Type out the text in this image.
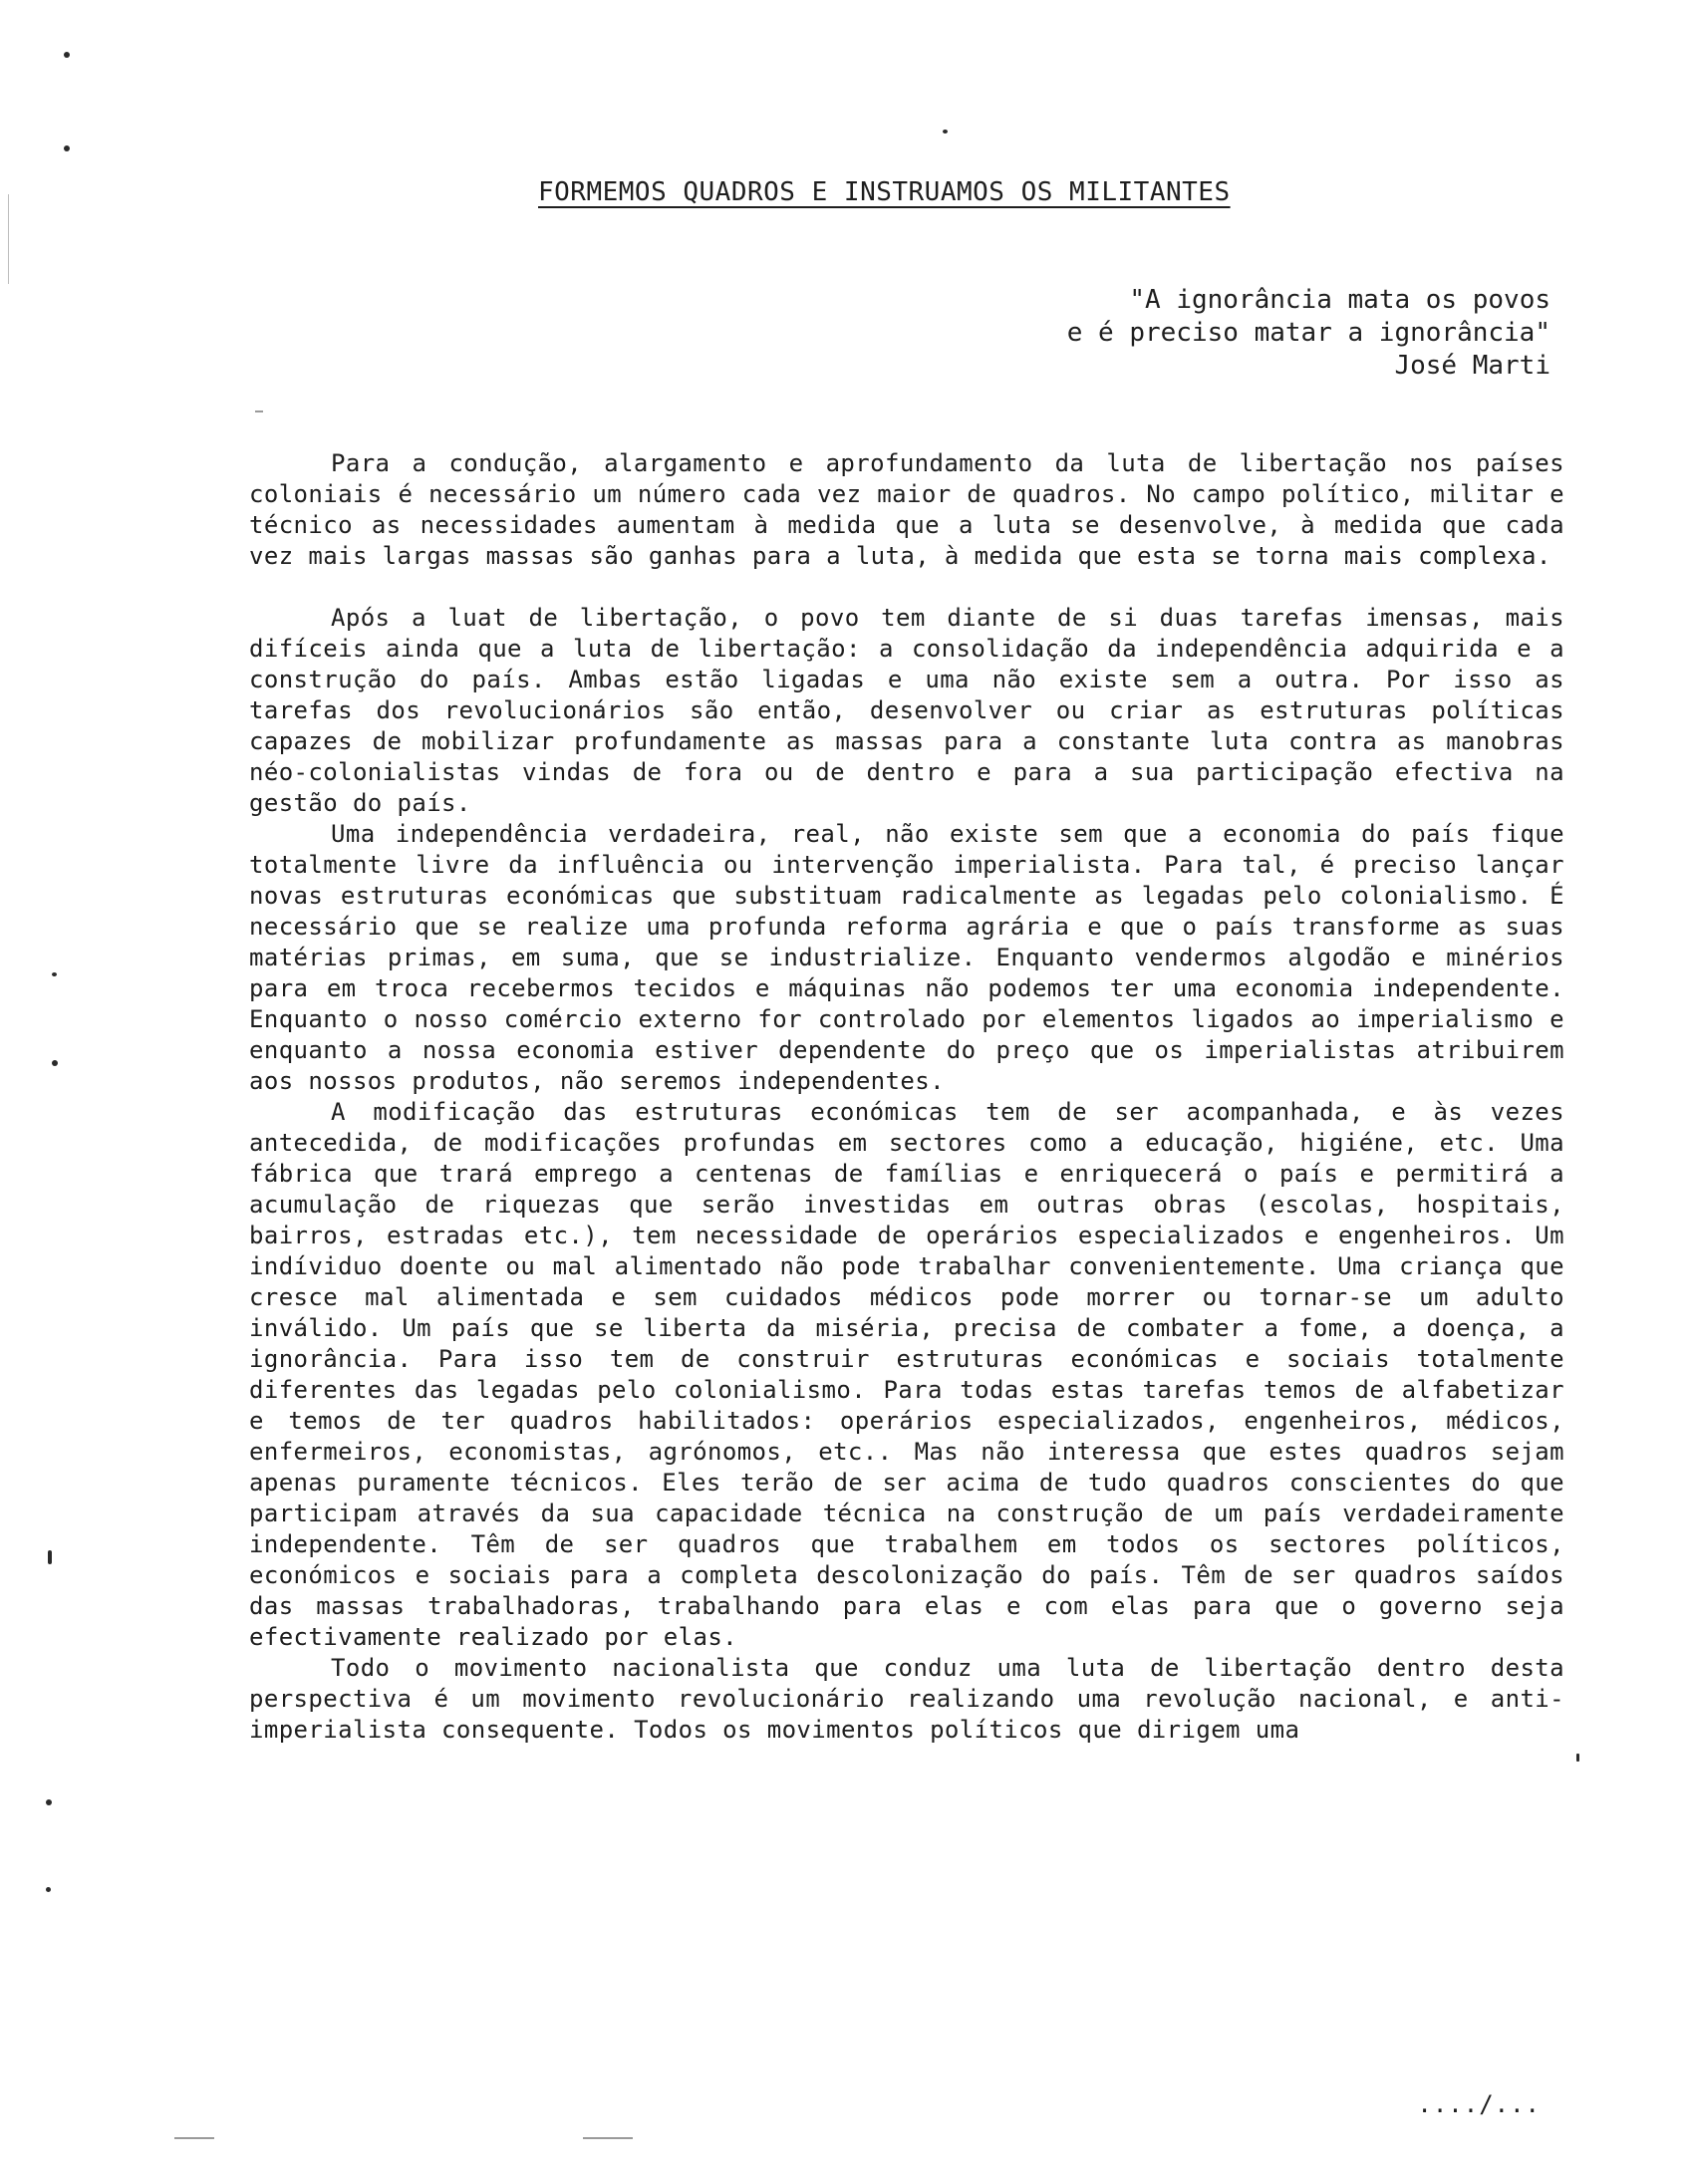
FORMEMOS QUADROS E INSTRUAMOS OS MILITANTES
"A ignorância mata os povos
e é preciso matar a ignorância"
José Marti

Para a condução, alargamento e aprofundamento da luta de libertação nos países coloniais é necessário um número cada vez maior de quadros. No campo político, militar e técnico as necessidades aumentam à medida que a luta se desenvolve, à medida que cada vez mais largas massas são ganhas para a luta, à medida que esta se torna mais complexa.

Após a luat de libertação, o povo tem diante de si duas tarefas imensas, mais difíceis ainda que a luta de libertação: a consolidação da independência adquirida e a construção do país. Ambas estão ligadas e uma não existe sem a outra. Por isso as tarefas dos revolucionários são então, desenvolver ou criar as estruturas políticas capazes de mobilizar profundamente as massas para a constante luta contra as manobras néo-colonialistas vindas de fora ou de dentro e para a sua participação efectiva na gestão do país.

Uma independência verdadeira, real, não existe sem que a economia do país fique totalmente livre da influência ou intervenção imperialista. Para tal, é preciso lançar novas estruturas económicas que substituam radicalmente as legadas pelo colonialismo. É necessário que se realize uma profunda reforma agrária e que o país transforme as suas matérias primas, em suma, que se industrialize. Enquanto vendermos algodão e minérios para em troca recebermos tecidos e máquinas não podemos ter uma economia independente. Enquanto o nosso comércio externo for controlado por elementos ligados ao imperialismo e enquanto a nossa economia estiver dependente do preço que os imperialistas atribuirem aos nossos produtos, não seremos independentes.

A modificação das estruturas económicas tem de ser acompanhada, e às vezes antecedida, de modificações profundas em sectores como a educação, higiéne, etc. Uma fábrica que trará emprego a centenas de famílias e enriquecerá o país e permitirá a acumulação de riquezas que serão investidas em outras obras (escolas, hospitais, bairros, estradas etc.), tem necessidade de operários especializados e engenheiros. Um indíviduo doente ou mal alimentado não pode trabalhar convenientemente. Uma criança que cresce mal alimentada e sem cuidados médicos pode morrer ou tornar-se um adulto inválido. Um país que se liberta da miséria, precisa de combater a fome, a doença, a ignorância. Para isso tem de construir estruturas económicas e sociais totalmente diferentes das legadas pelo colonialismo. Para todas estas tarefas temos de alfabetizar e temos de ter quadros habilitados: operários especializados, engenheiros, médicos, enfermeiros, economistas, agrónomos, etc.. Mas não interessa que estes quadros sejam apenas puramente técnicos. Eles terão de ser acima de tudo quadros conscientes do que participam através da sua capacidade técnica na construção de um país verdadeiramente independente. Têm de ser quadros que trabalhem em todos os sectores políticos, económicos e sociais para a completa descolonização do país. Têm de ser quadros saídos das massas trabalhadoras, trabalhando para elas e com elas para que o governo seja efectivamente realizado por elas.

Todo o movimento nacionalista que conduz uma luta de libertação dentro desta perspectiva é um movimento revolucionário realizando uma revolução nacional, e anti-imperialista consequente. Todos os movimentos políticos que dirigem uma

..../...
